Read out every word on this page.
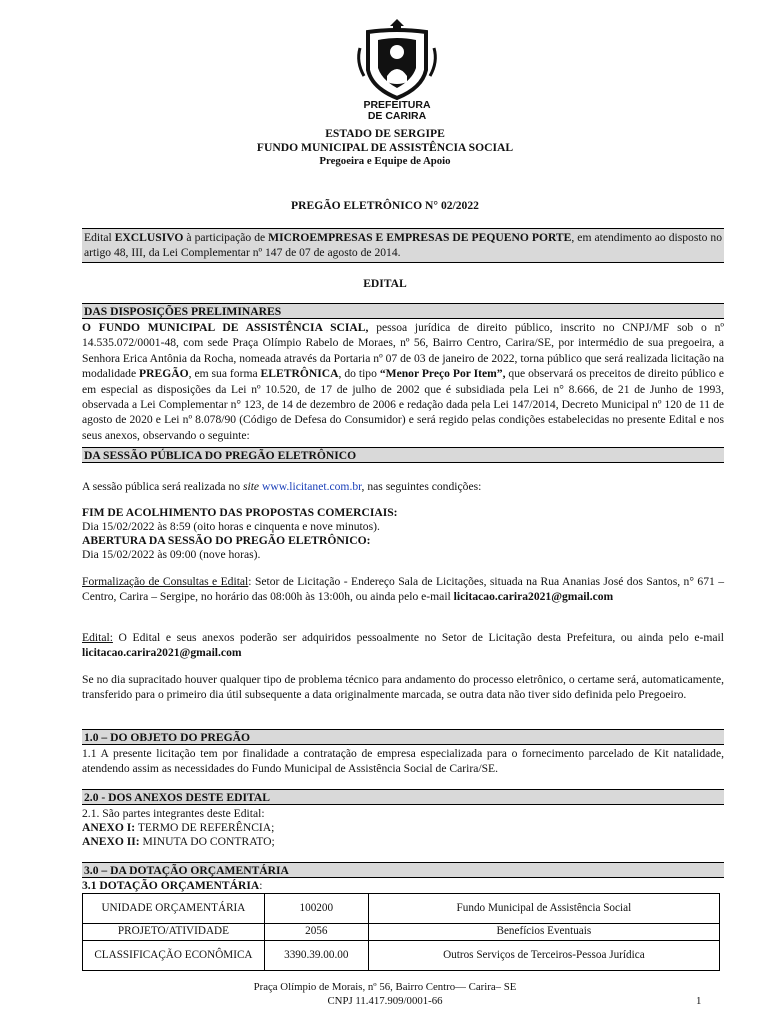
PREFEITURA
DE CARIRA
ESTADO DE SERGIPE
FUNDO MUNICIPAL DE ASSISTÊNCIA SOCIAL
Pregoeira e Equipe de Apoio
PREGÃO ELETRÔNICO N° 02/2022
Edital EXCLUSIVO à participação de MICROEMPRESAS E EMPRESAS DE PEQUENO PORTE, em atendimento ao disposto no artigo 48, III, da Lei Complementar nº 147 de 07 de agosto de 2014.
EDITAL
DAS DISPOSIÇÕES PRELIMINARES
O FUNDO MUNICIPAL DE ASSISTÊNCIA SCIAL, pessoa jurídica de direito público, inscrito no CNPJ/MF sob o nº 14.535.072/0001-48, com sede Praça Olímpio Rabelo de Moraes, nº 56, Bairro Centro, Carira/SE, por intermédio de sua pregoeira, a Senhora Erica Antônia da Rocha, nomeada através da Portaria nº 07 de 03 de janeiro de 2022, torna público que será realizada licitação na modalidade PREGÃO, em sua forma ELETRÔNICA, do tipo “Menor Preço Por Item”, que observará os preceitos de direito público e em especial as disposições da Lei nº 10.520, de 17 de julho de 2002 que é subsidiada pela Lei n° 8.666, de 21 de Junho de 1993, observada a Lei Complementar n° 123, de 14 de dezembro de 2006 e redação dada pela Lei 147/2014, Decreto Municipal nº 120 de 11 de agosto de 2020 e Lei nº 8.078/90 (Código de Defesa do Consumidor) e será regido pelas condições estabelecidas no presente Edital e nos seus anexos, observando o seguinte:
DA SESSÃO PÚBLICA DO PREGÃO ELETRÔNICO
A sessão pública será realizada no site www.licitanet.com.br, nas seguintes condições:
FIM DE ACOLHIMENTO DAS PROPOSTAS COMERCIAIS:
Dia 15/02/2022 às 8:59 (oito horas e cinquenta e nove minutos).
ABERTURA DA SESSÃO DO PREGÃO ELETRÔNICO:
Dia 15/02/2022 às 09:00 (nove horas).
Formalização de Consultas e Edital: Setor de Licitação - Endereço Sala de Licitações, situada na Rua Ananias José dos Santos, n° 671 – Centro, Carira – Sergipe, no horário das 08:00h às 13:00h, ou ainda pelo e-mail licitacao.carira2021@gmail.com
Edital: O Edital e seus anexos poderão ser adquiridos pessoalmente no Setor de Licitação desta Prefeitura, ou ainda pelo e-mail licitacao.carira2021@gmail.com
Se no dia supracitado houver qualquer tipo de problema técnico para andamento do processo eletrônico, o certame será, automaticamente, transferido para o primeiro dia útil subsequente a data originalmente marcada, se outra data não tiver sido definida pelo Pregoeiro.
1.0 – DO OBJETO DO PREGÃO
1.1 A presente licitação tem por finalidade a contratação de empresa especializada para o fornecimento parcelado de Kit natalidade, atendendo assim as necessidades do Fundo Municipal de Assistência Social de Carira/SE.
2.0 - DOS ANEXOS DESTE EDITAL
2.1. São partes integrantes deste Edital:
ANEXO I: TERMO DE REFERÊNCIA;
ANEXO II: MINUTA DO CONTRATO;
3.0 – DA DOTAÇÃO ORÇAMENTÁRIA
3.1 DOTAÇÃO ORÇAMENTÁRIA:
UNIDADE ORÇAMENTÁRIA	100200	Fundo Municipal de Assistência Social
PROJETO/ATIVIDADE	2056	Benefícios Eventuais
CLASSIFICAÇÃO ECONÔMICA	3390.39.00.00	Outros Serviços de Terceiros-Pessoa Jurídica
Praça Olímpio de Morais, nº 56, Bairro Centro— Carira– SE
CNPJ 11.417.909/0001-66	1
